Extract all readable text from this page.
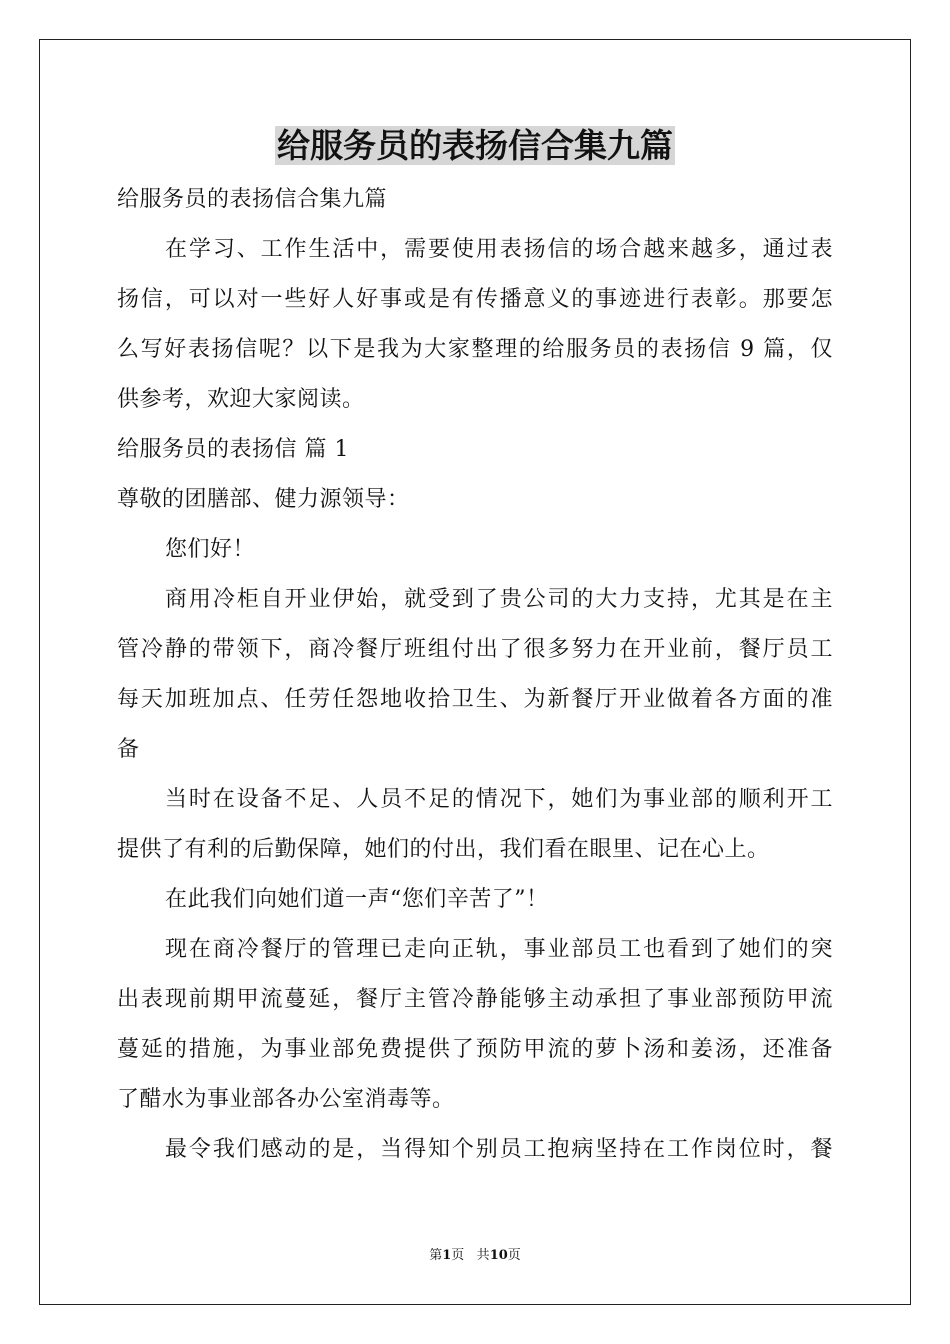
给服务员的表扬信合集九篇
给服务员的表扬信合集九篇
在学习、工作生活中，需要使用表扬信的场合越来越多，通过表
扬信，可以对一些好人好事或是有传播意义的事迹进行表彰。那要怎
么写好表扬信呢？以下是我为大家整理的给服务员的表扬信 9 篇，仅
供参考，欢迎大家阅读。
给服务员的表扬信 篇 1
尊敬的团膳部、健力源领导：
您们好！
商用冷柜自开业伊始，就受到了贵公司的大力支持，尤其是在主
管冷静的带领下，商冷餐厅班组付出了很多努力在开业前，餐厅员工
每天加班加点、任劳任怨地收拾卫生、为新餐厅开业做着各方面的准
备
当时在设备不足、人员不足的情况下，她们为事业部的顺利开工
提供了有利的后勤保障，她们的付出，我们看在眼里、记在心上。
在此我们向她们道一声“您们辛苦了”！
现在商冷餐厅的管理已走向正轨，事业部员工也看到了她们的突
出表现前期甲流蔓延，餐厅主管冷静能够主动承担了事业部预防甲流
蔓延的措施，为事业部免费提供了预防甲流的萝卜汤和姜汤，还准备
了醋水为事业部各办公室消毒等。
最令我们感动的是，当得知个别员工抱病坚持在工作岗位时，餐
第1页 共10页
